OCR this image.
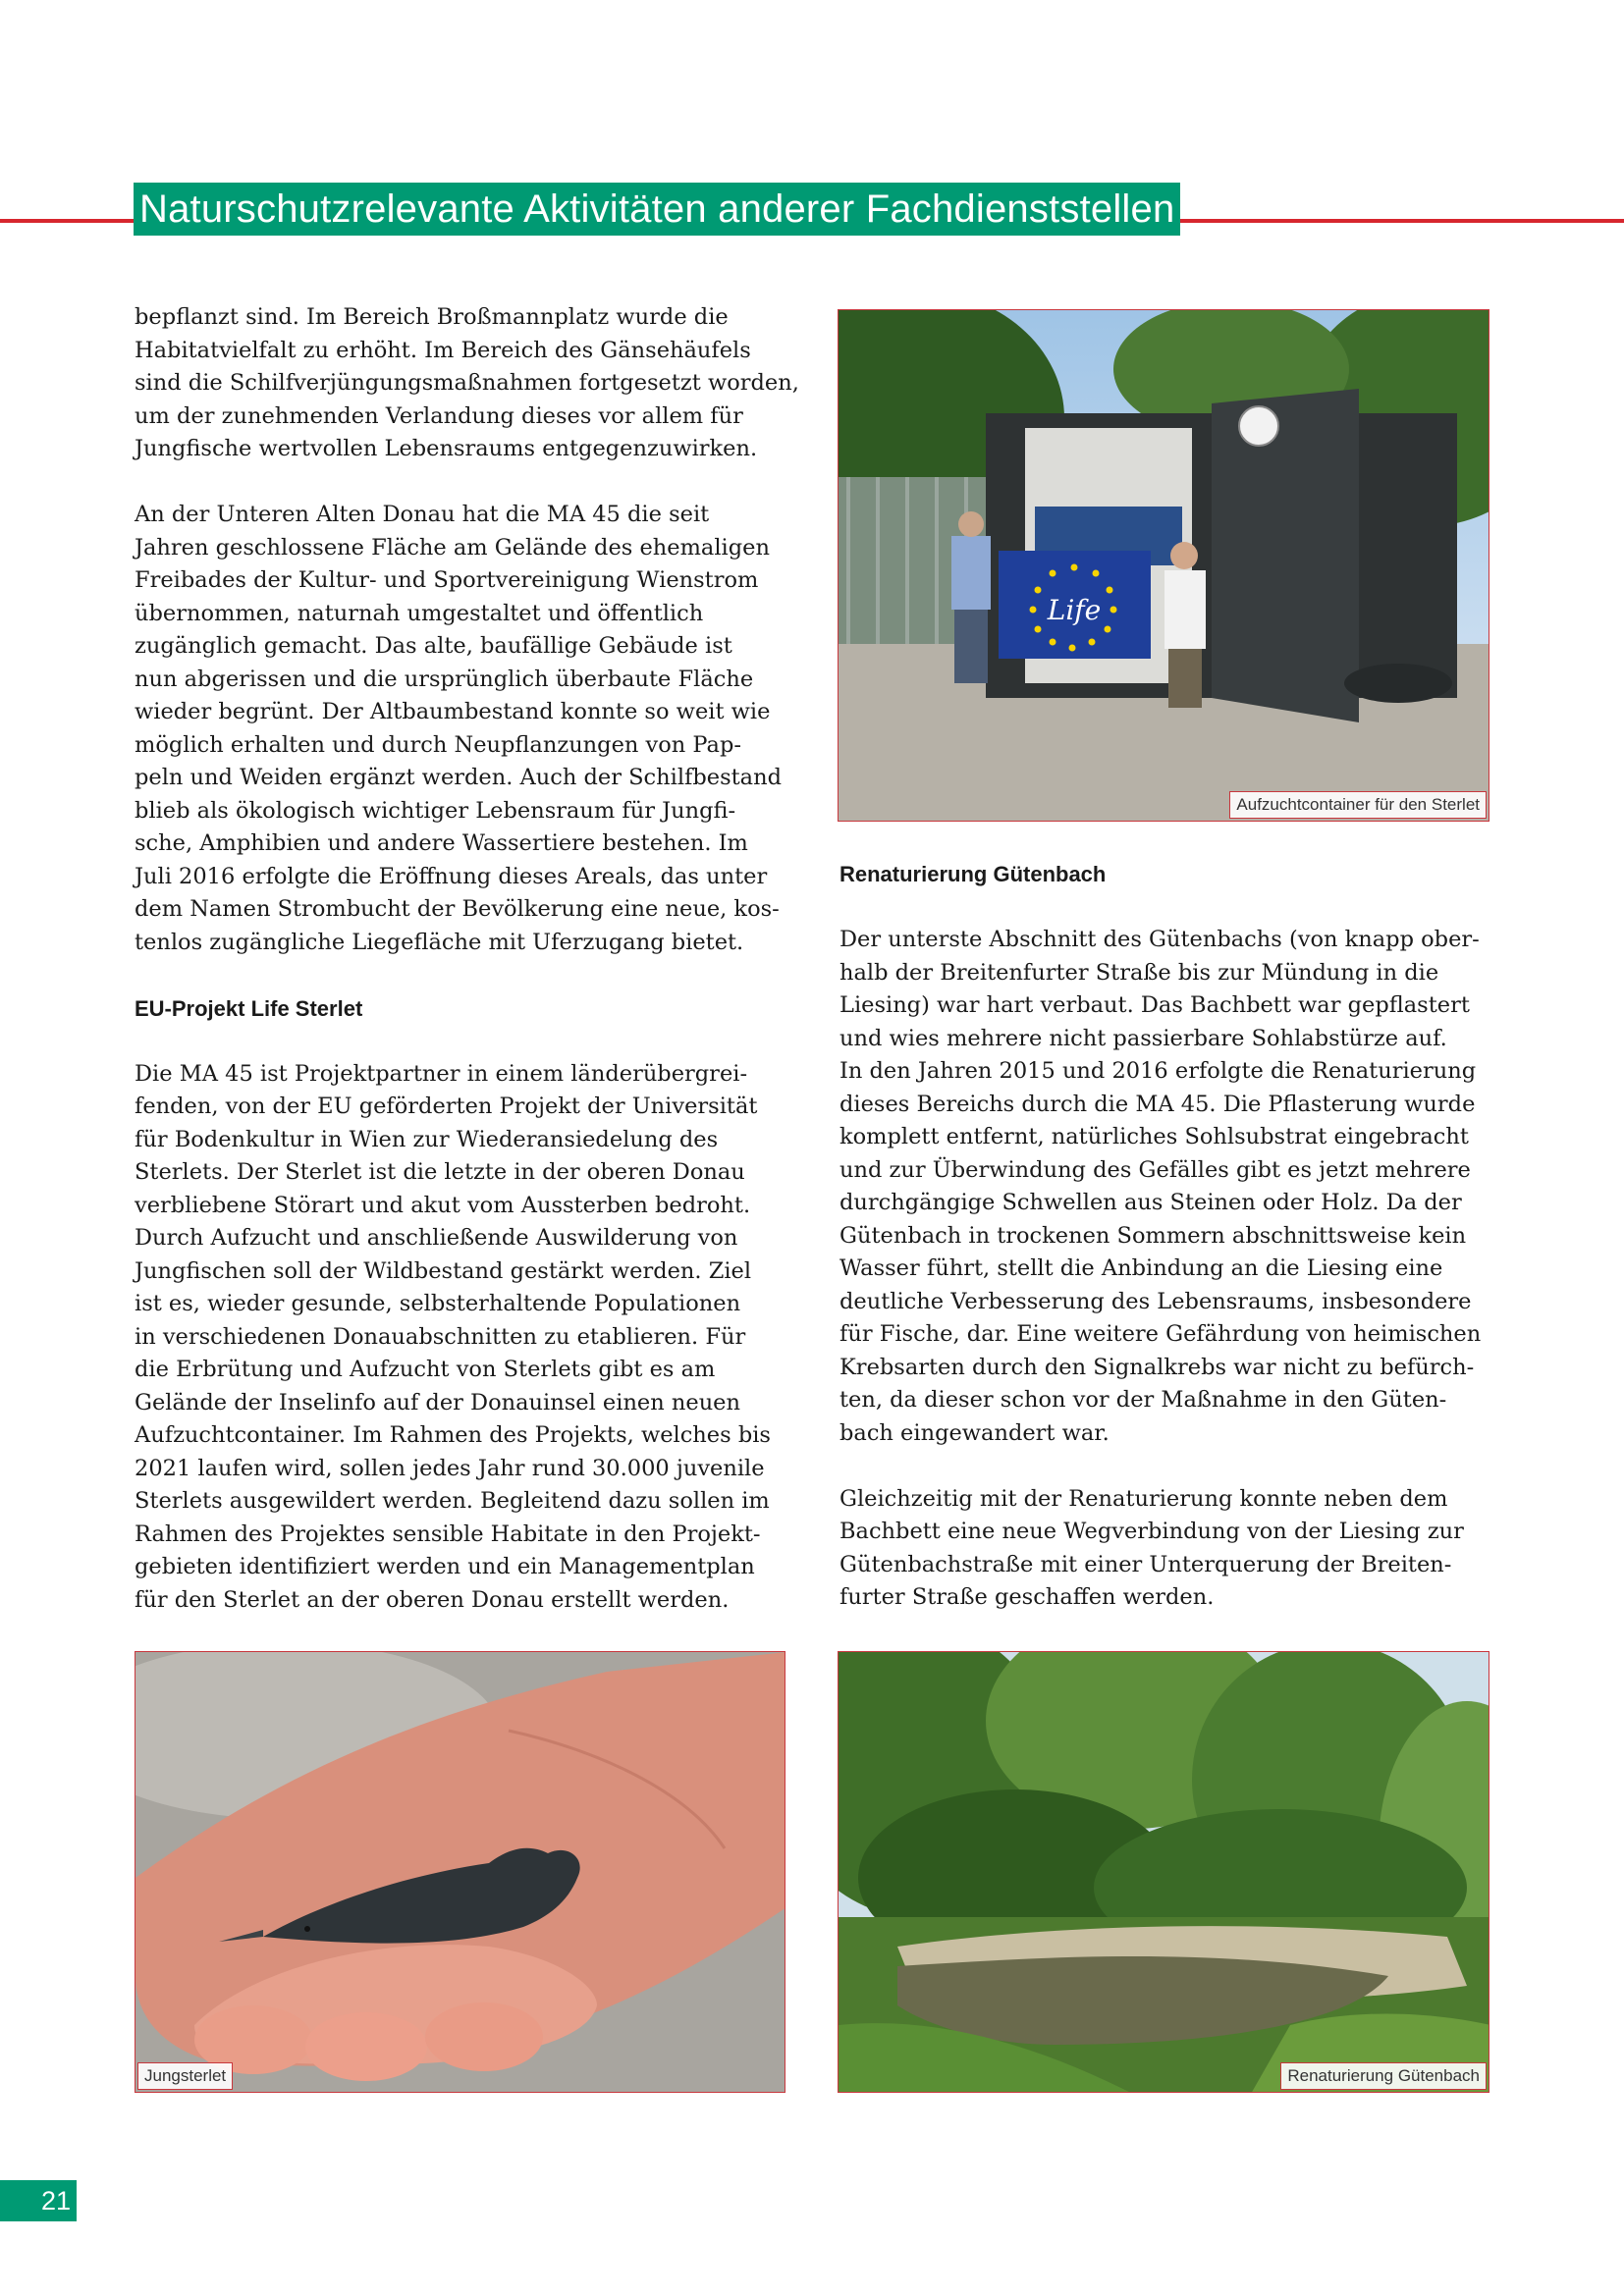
Naturschutzrelevante Aktivitäten anderer Fachdienststellen

bepflanzt sind. Im Bereich Broßmannplatz wurde die

Habitatvielfalt zu erhöht. Im Bereich des Gänsehäufels

sind die Schilfverjüngungsmaßnahmen fortgesetzt worden,

um der zunehmenden Verlandung dieses vor allem für

Jungfische wertvollen Lebensraums entgegenzuwirken.

An der Unteren Alten Donau hat die MA 45 die seit

Jahren geschlossene Fläche am Gelände des ehemaligen

Freibades der Kultur- und Sportvereinigung Wienstrom

übernommen, naturnah umgestaltet und öffentlich

zugänglich gemacht. Das alte, baufällige Gebäude ist

nun abgerissen und die ursprünglich überbaute Fläche

wieder begrünt. Der Altbaumbestand konnte so weit wie

möglich erhalten und durch Neupflanzungen von Pap-

peln und Weiden ergänzt werden. Auch der Schilfbestand

blieb als ökologisch wichtiger Lebensraum für Jungfi-

sche, Amphibien und andere Wassertiere bestehen. Im

Juli 2016 erfolgte die Eröffnung dieses Areals, das unter

dem Namen Strombucht der Bevölkerung eine neue, kos-

tenlos zugängliche Liegefläche mit Uferzugang bietet.

EU-Projekt Life Sterlet

Die MA 45 ist Projektpartner in einem länderübergrei-

fenden, von der EU geförderten Projekt der Universität

für Bodenkultur in Wien zur Wiederansiedelung des

Sterlets. Der Sterlet ist die letzte in der oberen Donau

verbliebene Störart und akut vom Aussterben bedroht.

Durch Aufzucht und anschließende Auswilderung von

Jungfischen soll der Wildbestand gestärkt werden. Ziel

ist es, wieder gesunde, selbsterhaltende Populationen

in verschiedenen Donauabschnitten zu etablieren. Für

die Erbrütung und Aufzucht von Sterlets gibt es am

Gelände der Inselinfo auf der Donauinsel einen neuen

Aufzuchtcontainer. Im Rahmen des Projekts, welches bis

2021 laufen wird, sollen jedes Jahr rund 30.000 juvenile

Sterlets ausgewildert werden. Begleitend dazu sollen im

Rahmen des Projektes sensible Habitate in den Projekt-

gebieten identifiziert werden und ein Managementplan

für den Sterlet an der oberen Donau erstellt werden.

Renaturierung Gütenbach

Der unterste Abschnitt des Gütenbachs (von knapp ober-

halb der Breitenfurter Straße bis zur Mündung in die

Liesing) war hart verbaut. Das Bachbett war gepflastert

und wies mehrere nicht passierbare Sohlabstürze auf.

In den Jahren 2015 und 2016 erfolgte die Renaturierung

dieses Bereichs durch die MA 45. Die Pflasterung wurde

komplett entfernt, natürliches Sohlsubstrat eingebracht

und zur Überwindung des Gefälles gibt es jetzt mehrere

durchgängige Schwellen aus Steinen oder Holz. Da der

Gütenbach in trockenen Sommern abschnittsweise kein

Wasser führt, stellt die Anbindung an die Liesing eine

deutliche Verbesserung des Lebensraums, insbesondere

für Fische, dar. Eine weitere Gefährdung von heimischen

Krebsarten durch den Signalkrebs war nicht zu befürch-

ten, da dieser schon vor der Maßnahme in den Güten-

bach eingewandert war.

Gleichzeitig mit der Renaturierung konnte neben dem

Bachbett eine neue Wegverbindung von der Liesing zur

Gütenbachstraße mit einer Unterquerung der Breiten-

furter Straße geschaffen werden.

Life
Aufzuchtcontainer für den Sterlet
Jungsterlet	Renaturierung Gütenbach
21
